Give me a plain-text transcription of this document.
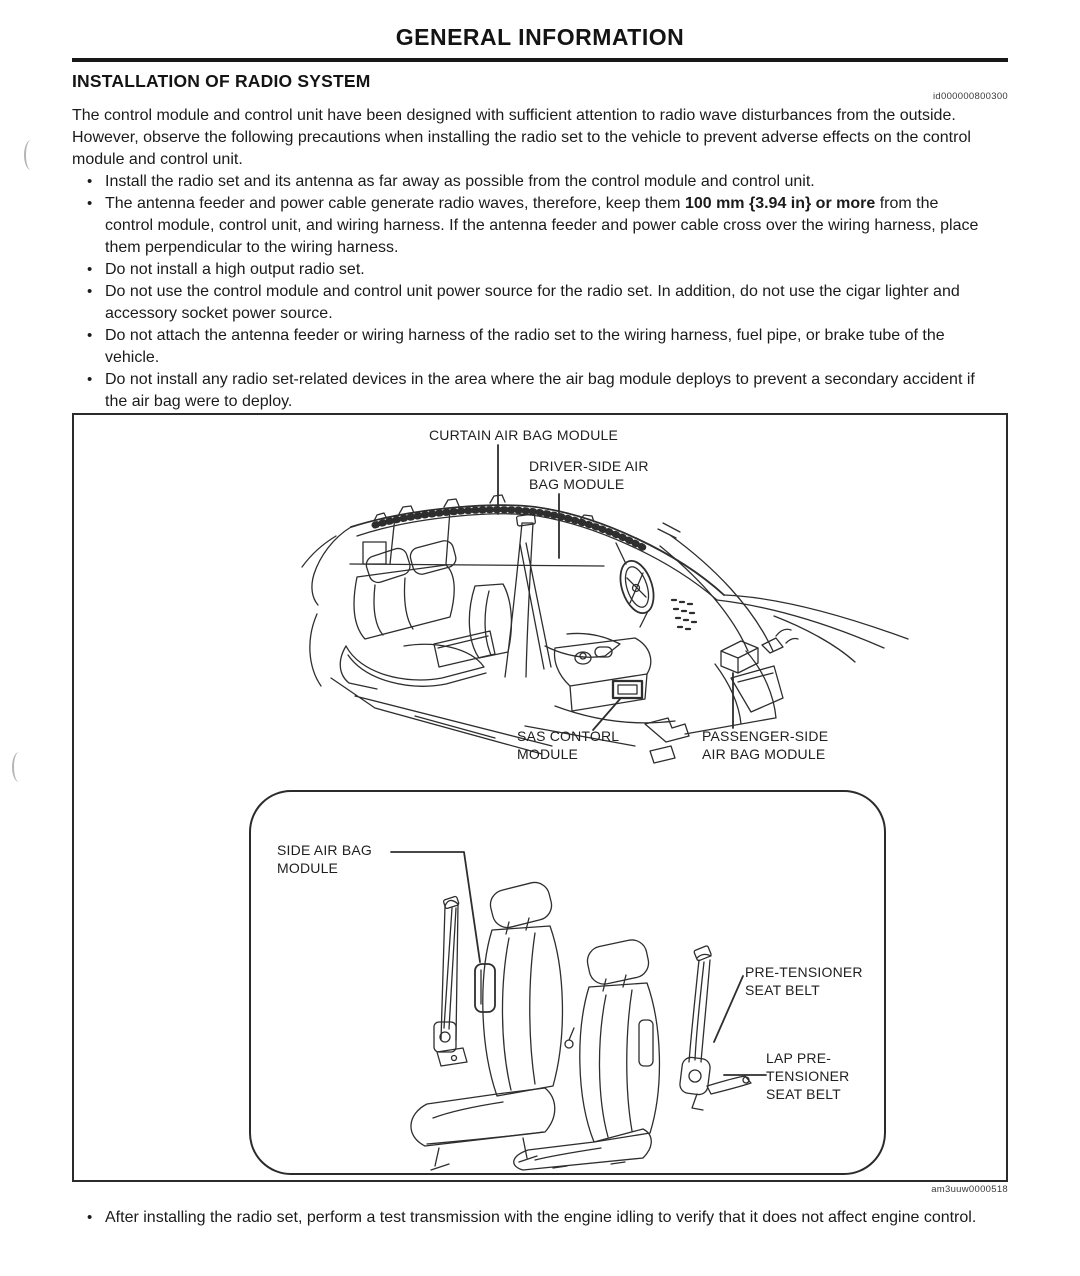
GENERAL INFORMATION
INSTALLATION OF RADIO SYSTEM
id000000800300
The control module and control unit have been designed with sufficient attention to radio wave disturbances from the outside. However, observe the following precautions when installing the radio set to the vehicle to prevent adverse effects on the control module and control unit.
• Install the radio set and its antenna as far away as possible from the control module and control unit.
• The antenna feeder and power cable generate radio waves, therefore, keep them 100 mm {3.94 in} or more from the control module, control unit, and wiring harness. If the antenna feeder and power cable cross over the wiring harness, place them perpendicular to the wiring harness.
• Do not install a high output radio set.
• Do not use the control module and control unit power source for the radio set. In addition, do not use the cigar lighter and accessory socket power source.
• Do not attach the antenna feeder or wiring harness of the radio set to the wiring harness, fuel pipe, or brake tube of the vehicle.
• Do not install any radio set-related devices in the area where the air bag module deploys to prevent a secondary accident if the air bag were to deploy.
CURTAIN AIR BAG MODULE
DRIVER-SIDE AIR BAG MODULE
SAS CONTORL MODULE
PASSENGER-SIDE AIR BAG MODULE
SIDE AIR BAG MODULE
PRE-TENSIONER SEAT BELT
LAP PRE-TENSIONER SEAT BELT
am3uuw0000518
• After installing the radio set, perform a test transmission with the engine idling to verify that it does not affect engine control.
